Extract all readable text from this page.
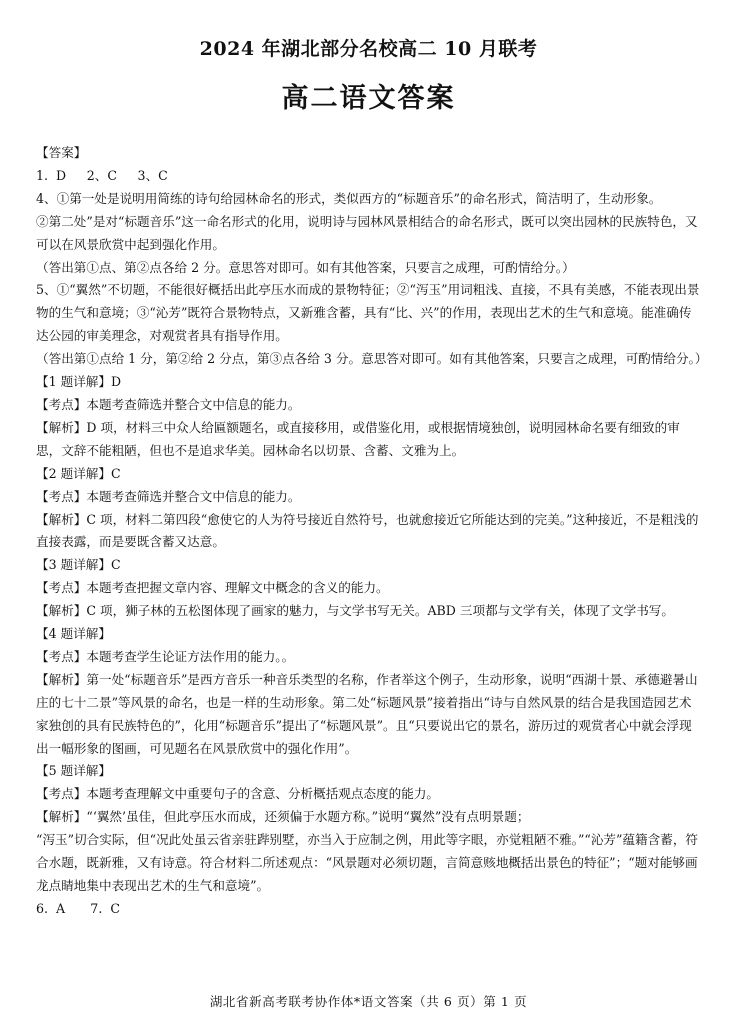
2024 年湖北部分名校高二 10 月联考
高二语文答案

【答案】

1. D　 2、C　 3、C

4、①第一处是说明用简练的诗句给园林命名的形式，类似西方的“标题音乐”的命名形式，简洁明了，生动形象。

②第二处”是对“标题音乐”这一命名形式的化用，说明诗与园林风景相结合的命名形式，既可以突出园林的民族特色，又可以在风景欣赏中起到强化作用。

（答出第①点、第②点各给 2 分。意思答对即可。如有其他答案，只要言之成理，可酌情给分。）

5、①“翼然”不切题，不能很好概括出此亭压水而成的景物特征；②“泻玉”用词粗浅、直接，不具有美感，不能表现出景物的生气和意境；③“沁芳”既符合景物特点，又新雅含蓄，具有“比、兴”的作用，表现出艺术的生气和意境。能准确传达公园的审美理念，对观赏者具有指导作用。

（答出第①点给 1 分，第②给 2 分点，第③点各给 3 分。意思答对即可。如有其他答案，只要言之成理，可酌情给分。）

【1 题详解】D

【考点】本题考查筛选并整合文中信息的能力。

【解析】D 项，材料三中众人给匾额题名，或直接移用，或借鉴化用，或根据情境独创，说明园林命名要有细致的审思，文辞不能粗陋，但也不是追求华美。园林命名以切景、含蓄、文雅为上。

【2 题详解】C

【考点】本题考查筛选并整合文中信息的能力。

【解析】C 项，材料二第四段“愈使它的人为符号接近自然符号，也就愈接近它所能达到的完美。”这种接近，不是粗浅的直接表露，而是要既含蓄又达意。

【3 题详解】C

【考点】本题考查把握文章内容、理解文中概念的含义的能力。

【解析】C 项，狮子林的五松图体现了画家的魅力，与文学书写无关。ABD 三项都与文学有关，体现了文学书写。

【4 题详解】

【考点】本题考查学生论证方法作用的能力。。

【解析】第一处“标题音乐”是西方音乐一种音乐类型的名称，作者举这个例子，生动形象，说明“西湖十景、承德避暑山庄的七十二景”等风景的命名，也是一样的生动形象。第二处“标题风景”接着指出“诗与自然风景的结合是我国造园艺术家独创的具有民族特色的”，化用“标题音乐”提出了“标题风景”。且“只要说出它的景名，游历过的观赏者心中就会浮现出一幅形象的图画，可见题名在风景欣赏中的强化作用”。

【5 题详解】

【考点】本题考查理解文中重要句子的含意、分析概括观点态度的能力。

【解析】“‘翼然’虽佳，但此亭压水而成，还须偏于水题方称。”说明“翼然”没有点明景题；

“泻玉”切合实际，但“况此处虽云省亲驻跸别墅，亦当入于应制之例，用此等字眼，亦觉粗陋不雅。”“沁芳”蕴籍含蓄，符合水题，既新雅，又有诗意。符合材料二所述观点：“风景题对必须切题，言简意赅地概括出景色的特征”；“题对能够画龙点睛地集中表现出艺术的生气和意境”。

6. A　　7. C

湖北省新高考联考协作体*语文答案（共 6 页）第 1 页
